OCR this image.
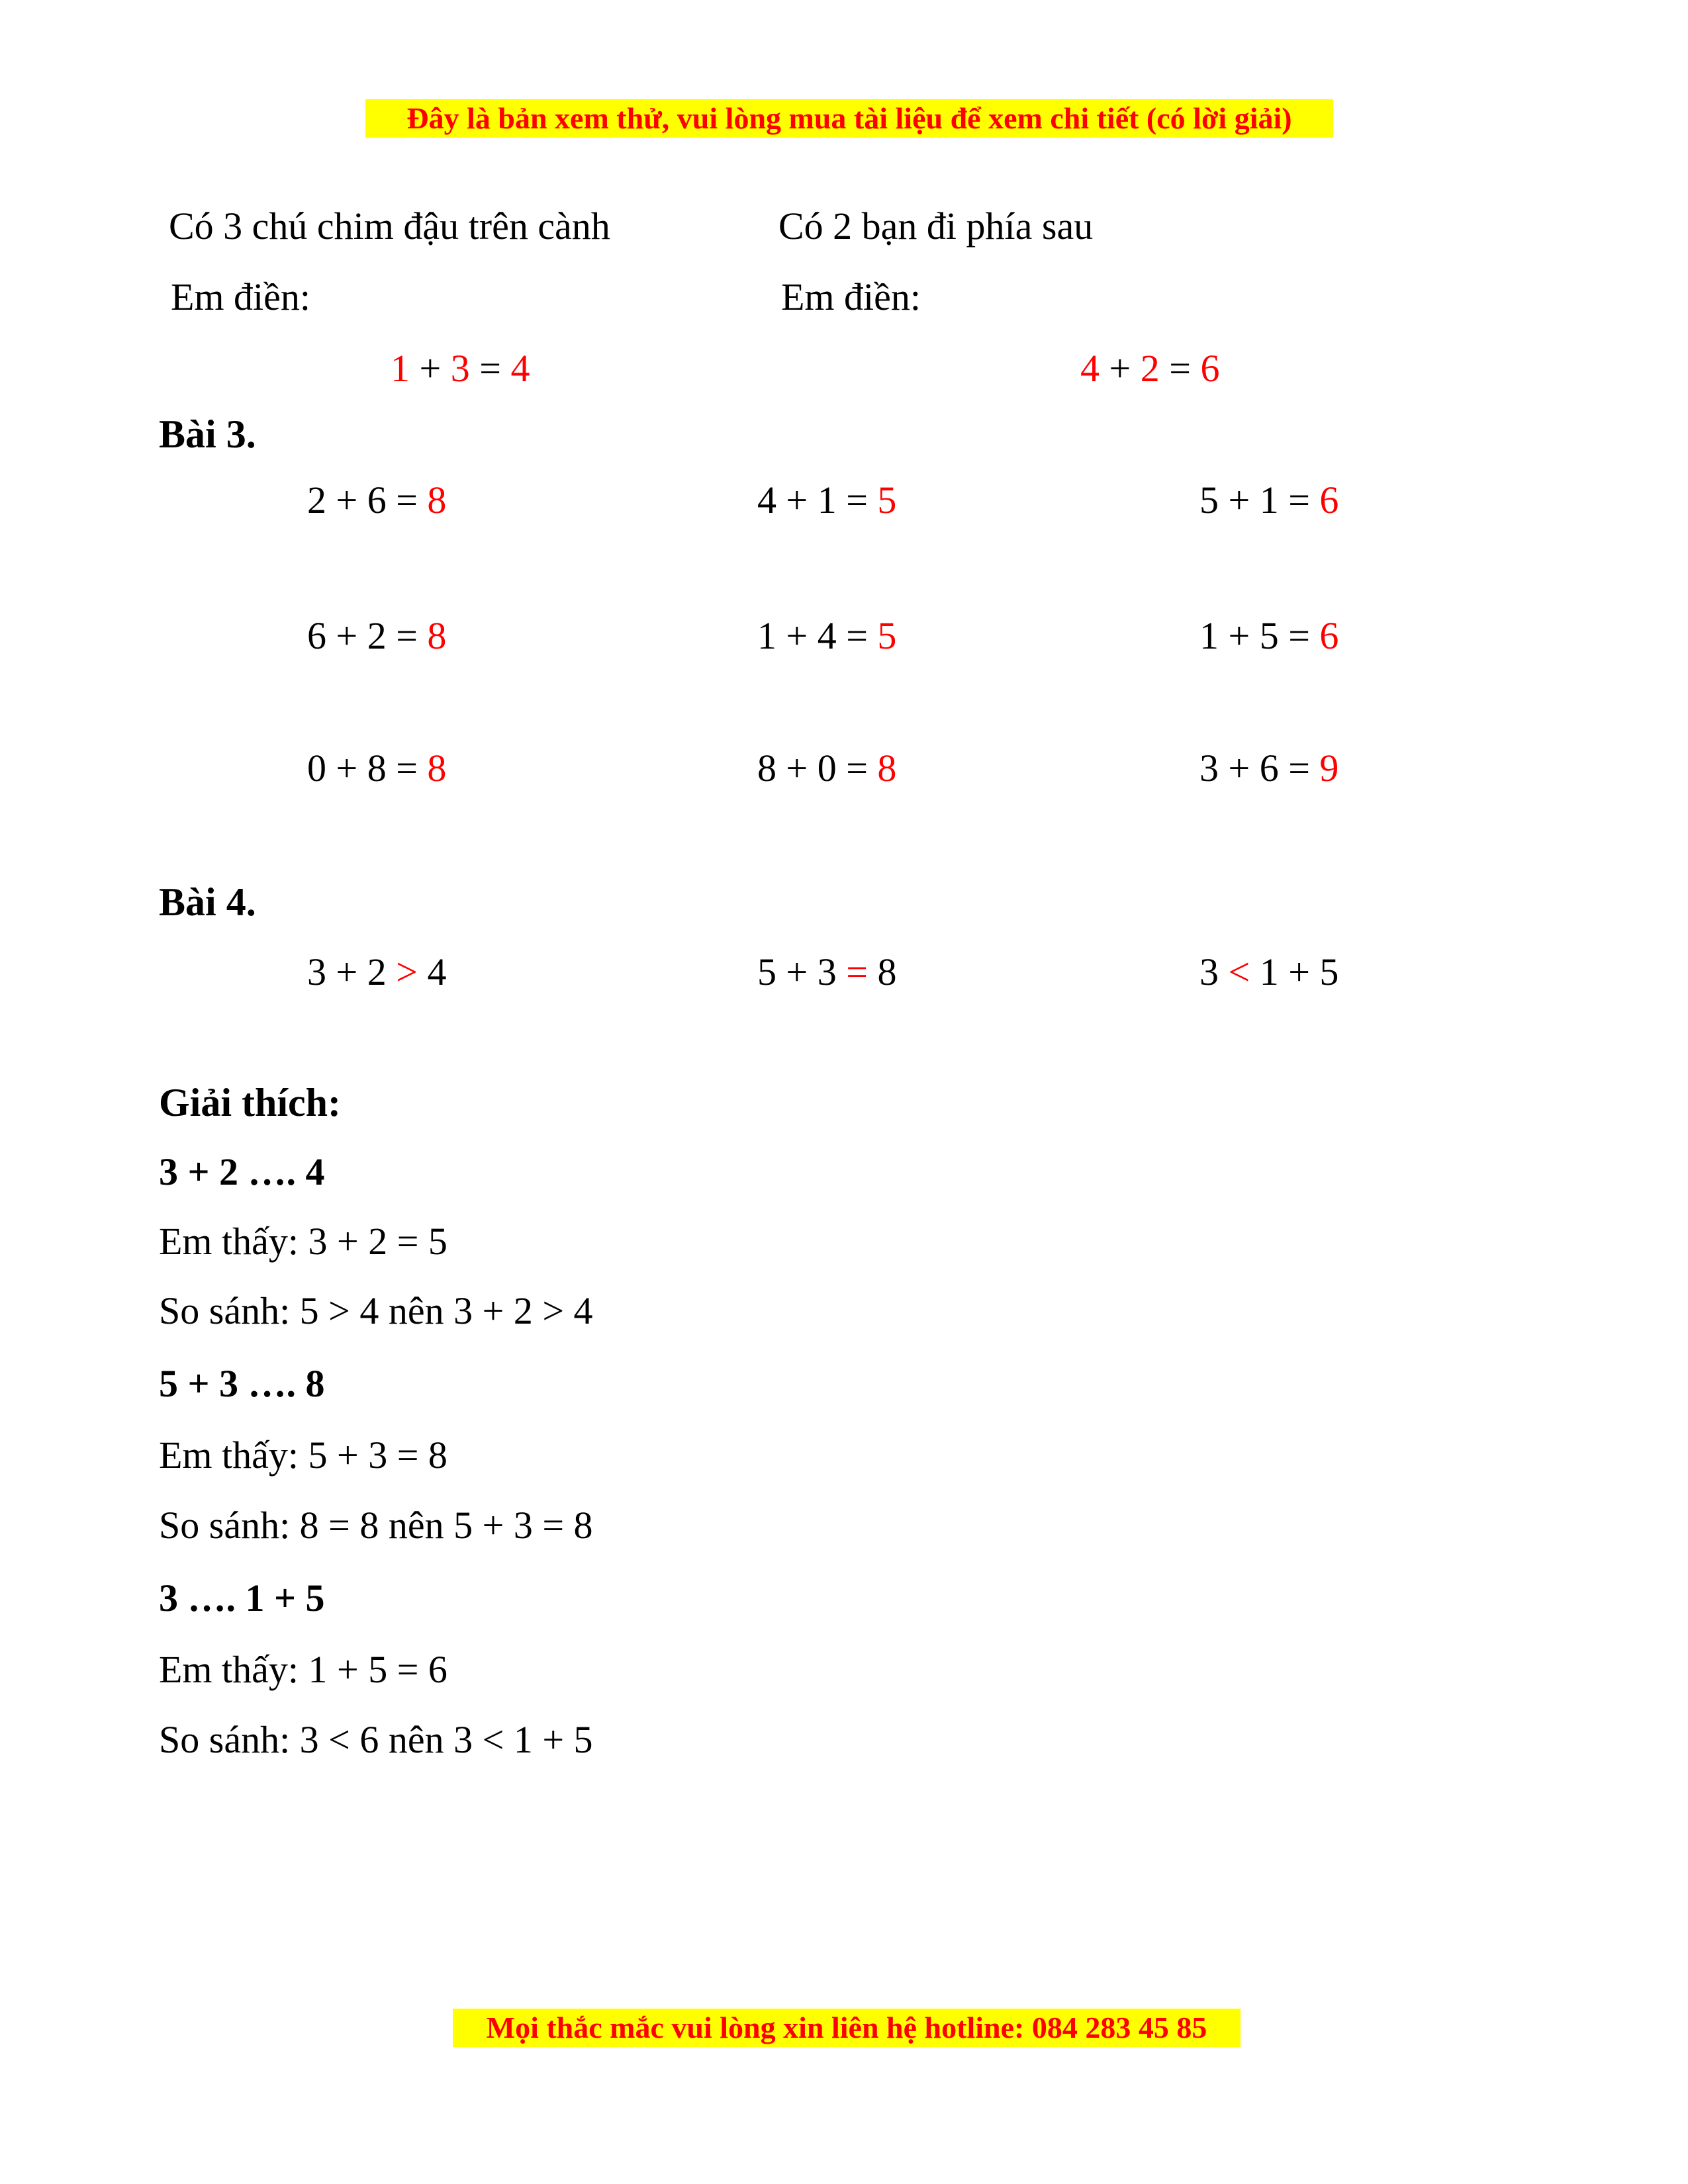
Đây là bản xem thử, vui lòng mua tài liệu để xem chi tiết (có lời giải)
Có 3 chú chim đậu trên cành	Có 2 bạn đi phía sau
Em điền:	Em điền:
1 + 3 = 4	4 + 2 = 6
Bài 3.
2 + 6 = 8	4 + 1 = 5	5 + 1 = 6
6 + 2 = 8	1 + 4 = 5	1 + 5 = 6
0 + 8 = 8	8 + 0 = 8	3 + 6 = 9
Bài 4.
3 + 2 > 4	5 + 3 = 8	3 < 1 + 5
Giải thích:
3 + 2 …. 4
Em thấy: 3 + 2 = 5
So sánh: 5 > 4 nên 3 + 2 > 4
5 + 3 …. 8
Em thấy: 5 + 3 = 8
So sánh: 8 = 8 nên 5 + 3 = 8
3 …. 1 + 5
Em thấy: 1 + 5 = 6
So sánh: 3 < 6 nên 3 < 1 + 5
Mọi thắc mắc vui lòng xin liên hệ hotline: 084 283 45 85
